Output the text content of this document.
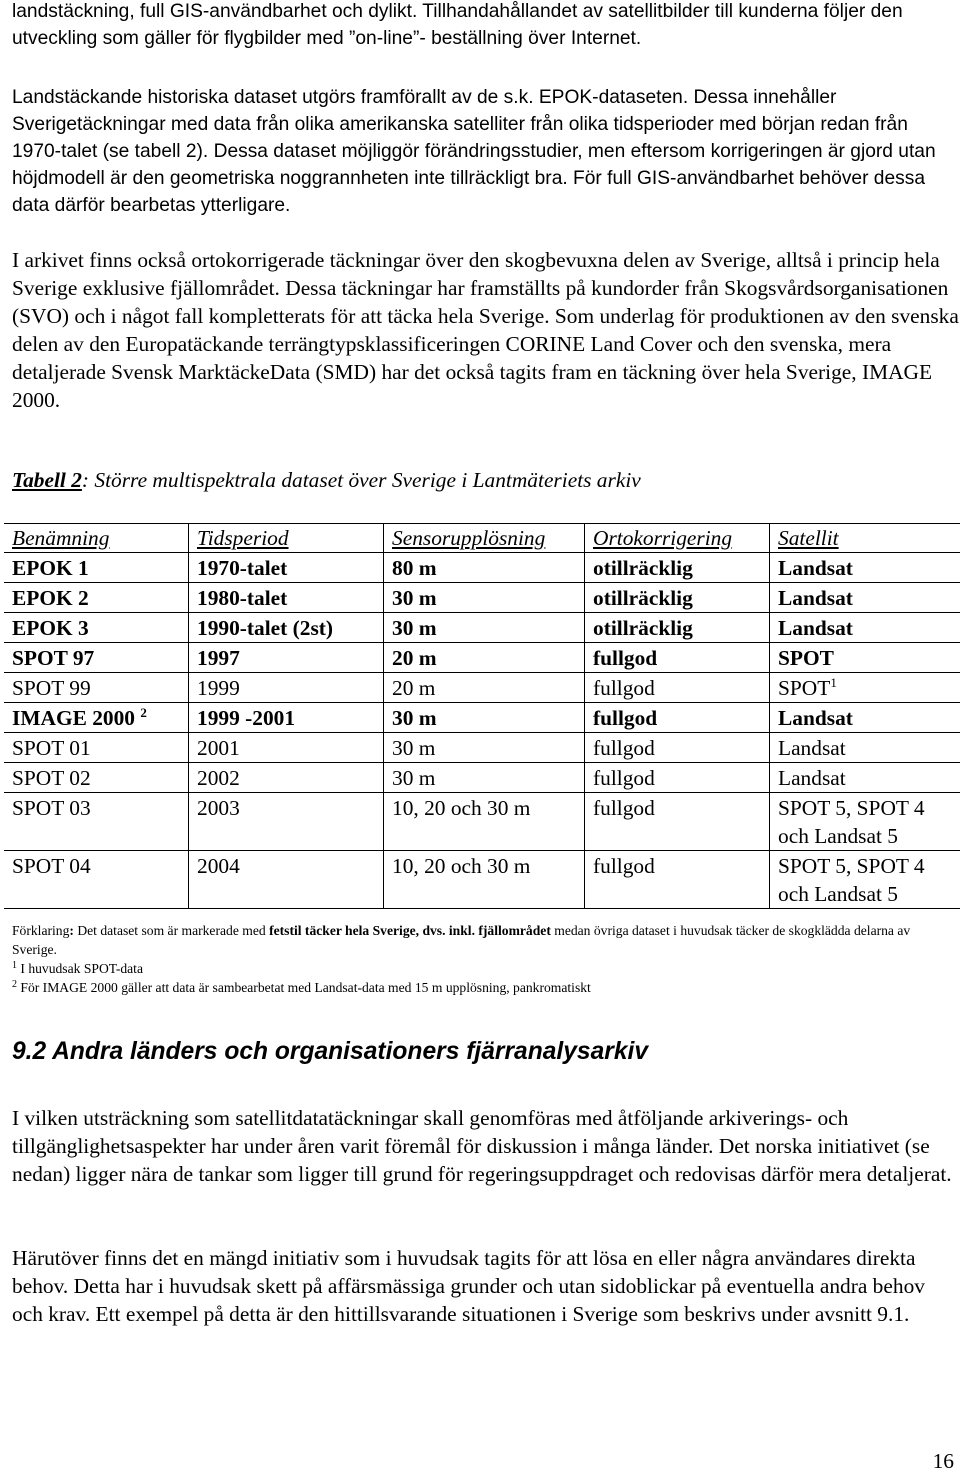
landstäckning, full GIS-användbarhet och dylikt. Tillhandahållandet av satellitbilder till kunderna följer den utveckling som gäller för flygbilder med ”on-line”- beställning över Internet.

Landstäckande historiska dataset utgörs framförallt av de s.k. EPOK-dataseten. Dessa innehåller Sverigetäckningar med data från olika amerikanska satelliter från olika tidsperioder med början redan från 1970-talet (se tabell 2). Dessa dataset möjliggör förändringsstudier, men eftersom korrigeringen är gjord utan höjdmodell är den geometriska noggrannheten inte tillräckligt bra. För full GIS-användbarhet behöver dessa data därför bearbetas ytterligare.

I arkivet finns också ortokorrigerade täckningar över den skogbevuxna delen av Sverige, alltså i princip hela Sverige exklusive fjällområdet. Dessa täckningar har framställts på kundorder från Skogsvårdsorganisationen (SVO) och i något fall kompletterats för att täcka hela Sverige. Som underlag för produktionen av den svenska delen av den Europatäckande terrängtypsklassificeringen CORINE Land Cover och den svenska, mera detaljerade Svensk MarktäckeData (SMD) har det också tagits fram en täckning över hela Sverige, IMAGE 2000.

Tabell 2: Större multispektrala dataset över Sverige i Lantmäteriets arkiv

Benämning	Tidsperiod	Sensorupplösning	Ortokorrigering	Satellit
EPOK 1	1970-talet	80 m	otillräcklig	Landsat
EPOK 2	1980-talet	30 m	otillräcklig	Landsat
EPOK 3	1990-talet (2st)	30 m	otillräcklig	Landsat
SPOT 97	1997	20 m	fullgod	SPOT
SPOT 99	1999	20 m	fullgod	SPOT$^1$
IMAGE 2000 $^2$	1999 -2001	30 m	fullgod	Landsat
SPOT 01	2001	30 m	fullgod	Landsat
SPOT 02	2002	30 m	fullgod	Landsat
SPOT 03	2003	10, 20 och 30 m	fullgod	SPOT 5, SPOT 4 och Landsat 5
SPOT 04	2004	10, 20 och 30 m	fullgod	SPOT 5, SPOT 4 och Landsat 5

Förklaring: Det dataset som är markerade med fetstil täcker hela Sverige, dvs. inkl. fjällområdet medan övriga dataset i huvudsak täcker de skogklädda delarna av Sverige.

$^1$ I huvudsak SPOT-data

$^2$ För IMAGE 2000 gäller att data är sambearbetat med Landsat-data med 15 m upplösning, pankromatiskt

9.2 Andra länders och organisationers fjärranalysarkiv

I vilken utsträckning som satellitdatatäckningar skall genomföras med åtföljande arkiverings- och tillgänglighetsaspekter har under åren varit föremål för diskussion i många länder. Det norska initiativet (se nedan) ligger nära de tankar som ligger till grund för regeringsuppdraget och redovisas därför mera detaljerat.

Härutöver finns det en mängd initiativ som i huvudsak tagits för att lösa en eller några användares direkta behov. Detta har i huvudsak skett på affärsmässiga grunder och utan sidoblickar på eventuella andra behov och krav. Ett exempel på detta är den hittillsvarande situationen i Sverige som beskrivs under avsnitt 9.1.

16
